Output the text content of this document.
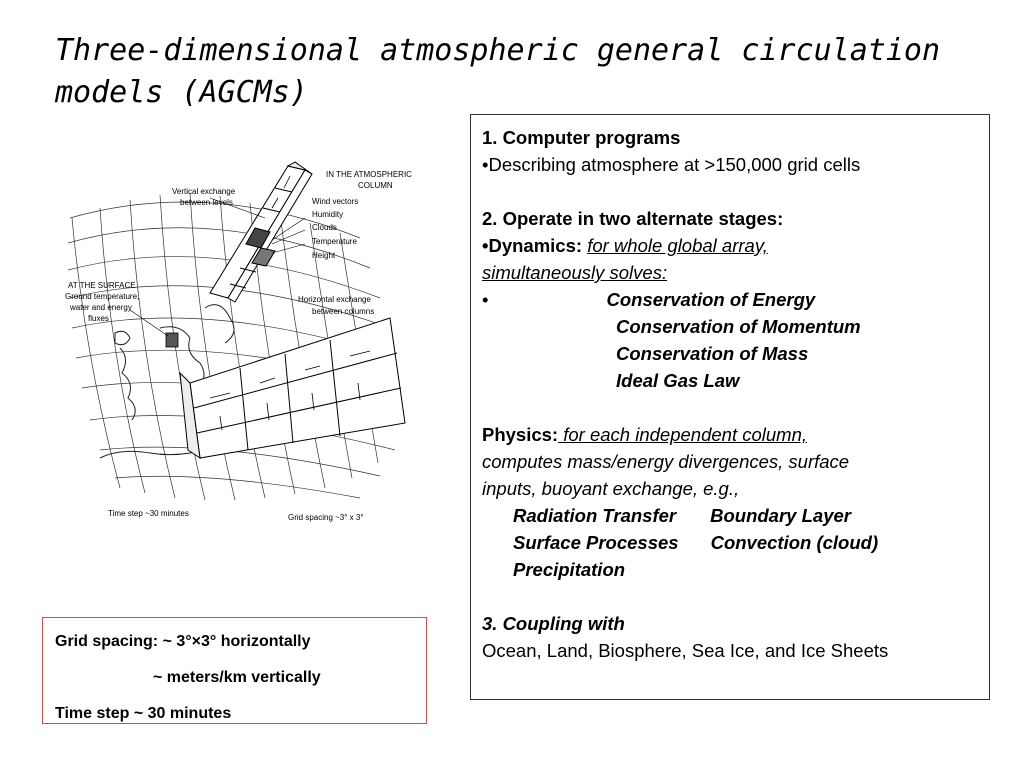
Three-dimensional atmospheric general circulation models (AGCMs)
Vertical exchange
between levels
IN THE ATMOSPHERIC
COLUMN
Wind vectors
Humidity
Clouds
Temperature
Height
AT THE SURFACE
Ground temperature,
water and energy
fluxes
Horizontal exchange
between columns
Time step ~30 minutes	Grid spacing ~3° x 3°
1. Computer programs
•Describing atmosphere at >150,000 grid cells
2. Operate in two alternate stages:
•Dynamics: for whole global array,
simultaneously solves:
•	Conservation of Energy
Conservation of Momentum
Conservation of Mass
Ideal Gas Law
Physics: for each independent column,
computes mass/energy divergences, surface
inputs, buoyant exchange, e.g.,
Radiation Transfer Boundary Layer
Surface Processes Convection (cloud)
Precipitation
3. Coupling with
Ocean, Land, Biosphere, Sea Ice, and Ice Sheets
Grid spacing: ~ 3°×3° horizontally
~ meters/km vertically
Time step ~ 30 minutes
